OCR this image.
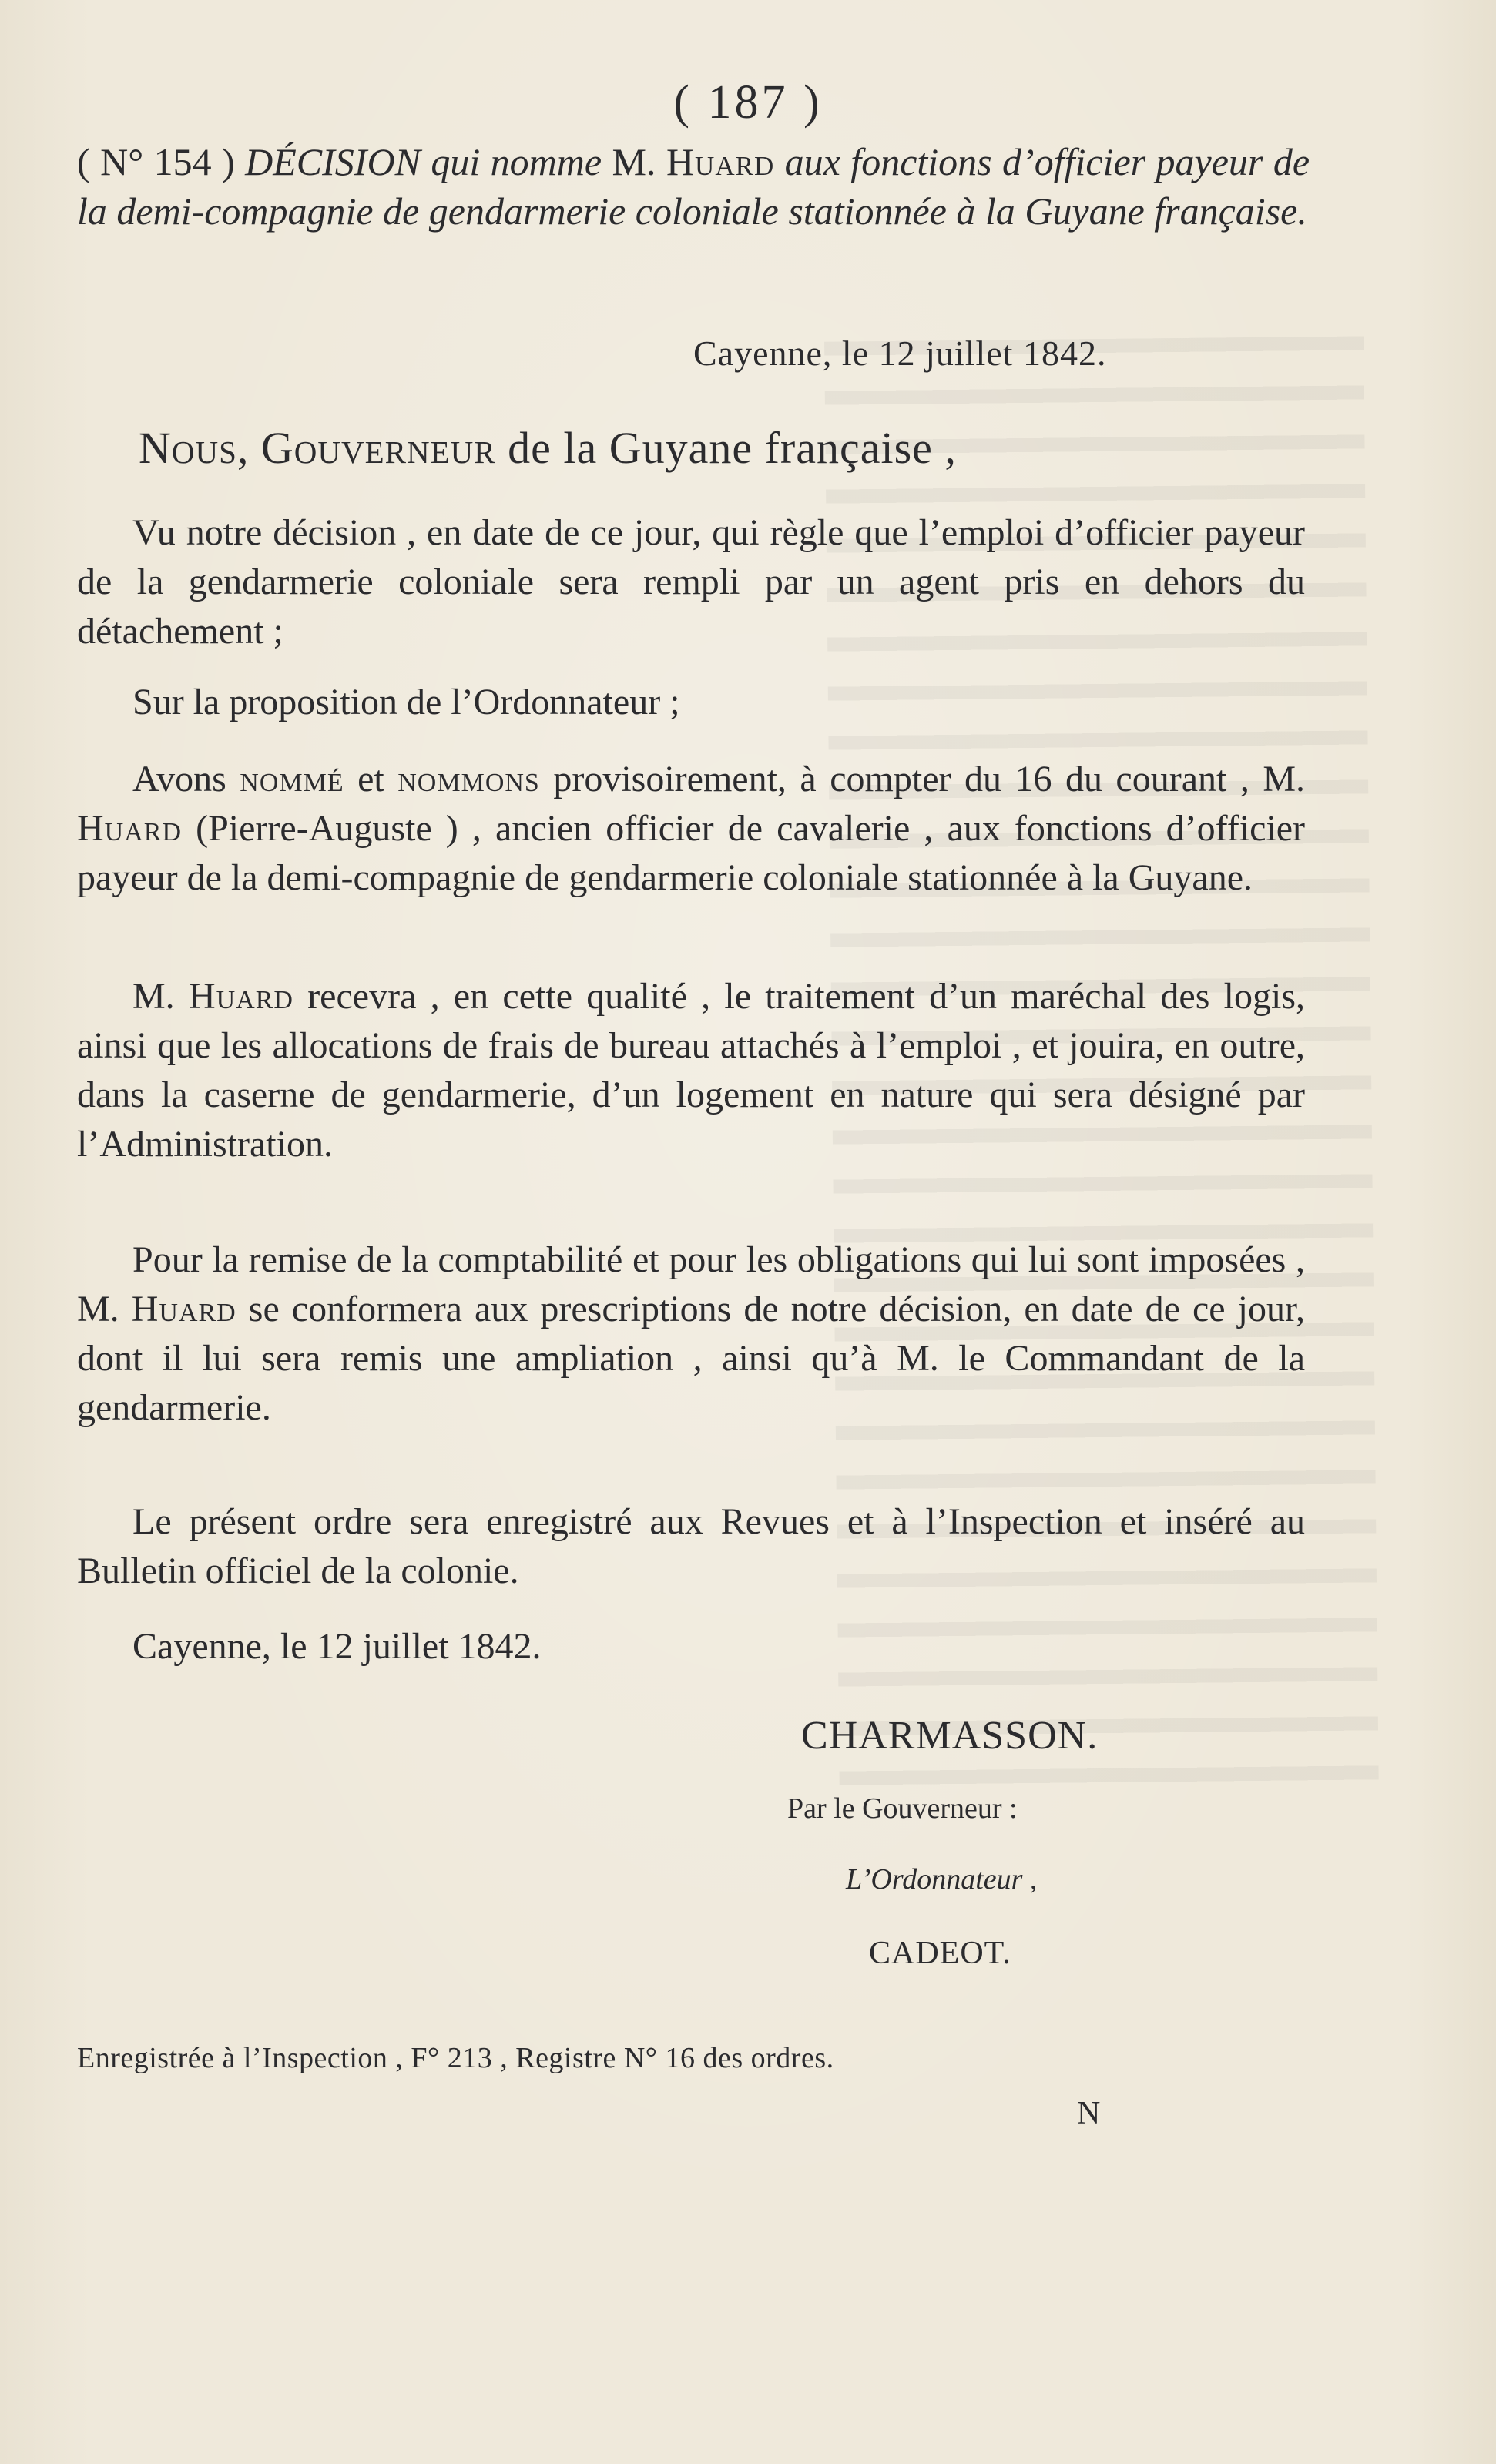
( 187 )
( N° 154 ) DÉCISION qui nomme M. Huard aux fonctions d’officier payeur de la demi-compagnie de gendarmerie coloniale stationnée à la Guyane française.
Cayenne, le 12 juillet 1842.
Nous, Gouverneur de la Guyane française ,

Vu notre décision , en date de ce jour, qui règle que l’emploi d’officier payeur de la gendarmerie coloniale sera rempli par un agent pris en dehors du détachement ;

Sur la proposition de l’Ordonnateur ;

Avons nommé et nommons provisoirement, à compter du 16 du courant , M. Huard (Pierre-Auguste ) , ancien officier de cavalerie , aux fonctions d’officier payeur de la demi-compagnie de gendarmerie coloniale stationnée à la Guyane.

M. Huard recevra , en cette qualité , le traitement d’un maréchal des logis, ainsi que les allocations de frais de bureau attachés à l’emploi , et jouira, en outre, dans la caserne de gendarmerie, d’un logement en nature qui sera désigné par l’Administration.

Pour la remise de la comptabilité et pour les obligations qui lui sont imposées , M. Huard se conformera aux prescriptions de notre décision, en date de ce jour, dont il lui sera remis une ampliation , ainsi qu’à M. le Commandant de la gendarmerie.

Le présent ordre sera enregistré aux Revues et à l’Inspection et inséré au Bulletin officiel de la colonie.

Cayenne, le 12 juillet 1842.

CHARMASSON.
Par le Gouverneur :
L’Ordonnateur ,
CADEOT.
Enregistrée à l’Inspection , F° 213 , Registre N° 16 des ordres.
N
